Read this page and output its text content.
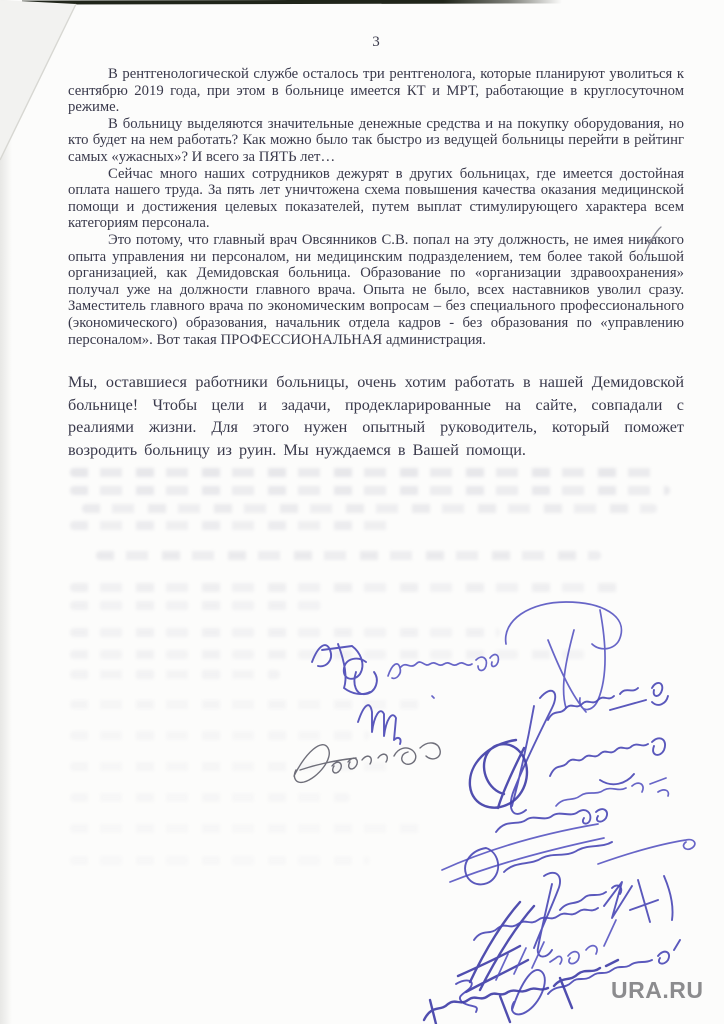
3

В рентгенологической службе осталось три рентгенолога, которые планируют уволиться к сентябрю 2019 года, при этом в больнице имеется КТ и МРТ, работающие в круглосуточном режиме.

В больницу выделяются значительные денежные средства и на покупку оборудования, но кто будет на нем работать? Как можно было так быстро из ведущей больницы перейти в рейтинг самых «ужасных»? И всего за ПЯТЬ лет…

Сейчас много наших сотрудников дежурят в других больницах, где имеется достойная оплата нашего труда. За пять лет уничтожена схема повышения качества оказания медицинской помощи и достижения целевых показателей, путем выплат стимулирующего характера всем категориям персонала.

Это потому, что главный врач Овсянников С.В. попал на эту должность, не имея никакого опыта управления ни персоналом, ни медицинским подразделением, тем более такой большой организацией, как Демидовская больница. Образование по «организации здравоохранения» получал уже на должности главного врача. Опыта не было, всех наставников уволил сразу. Заместитель главного врача по экономическим вопросам – без специального профессионального (экономического) образования, начальник отдела кадров - без образования по «управлению персоналом». Вот такая ПРОФЕССИОНАЛЬНАЯ администрация.

Мы, оставшиеся работники больницы, очень хотим работать в нашей Демидовской больнице! Чтобы цели и задачи, продекларированные на сайте, совпадали с реалиями жизни. Для этого нужен опытный руководитель, который поможет возродить больницу из руин. Мы нуждаемся в Вашей помощи.

URA.RU
